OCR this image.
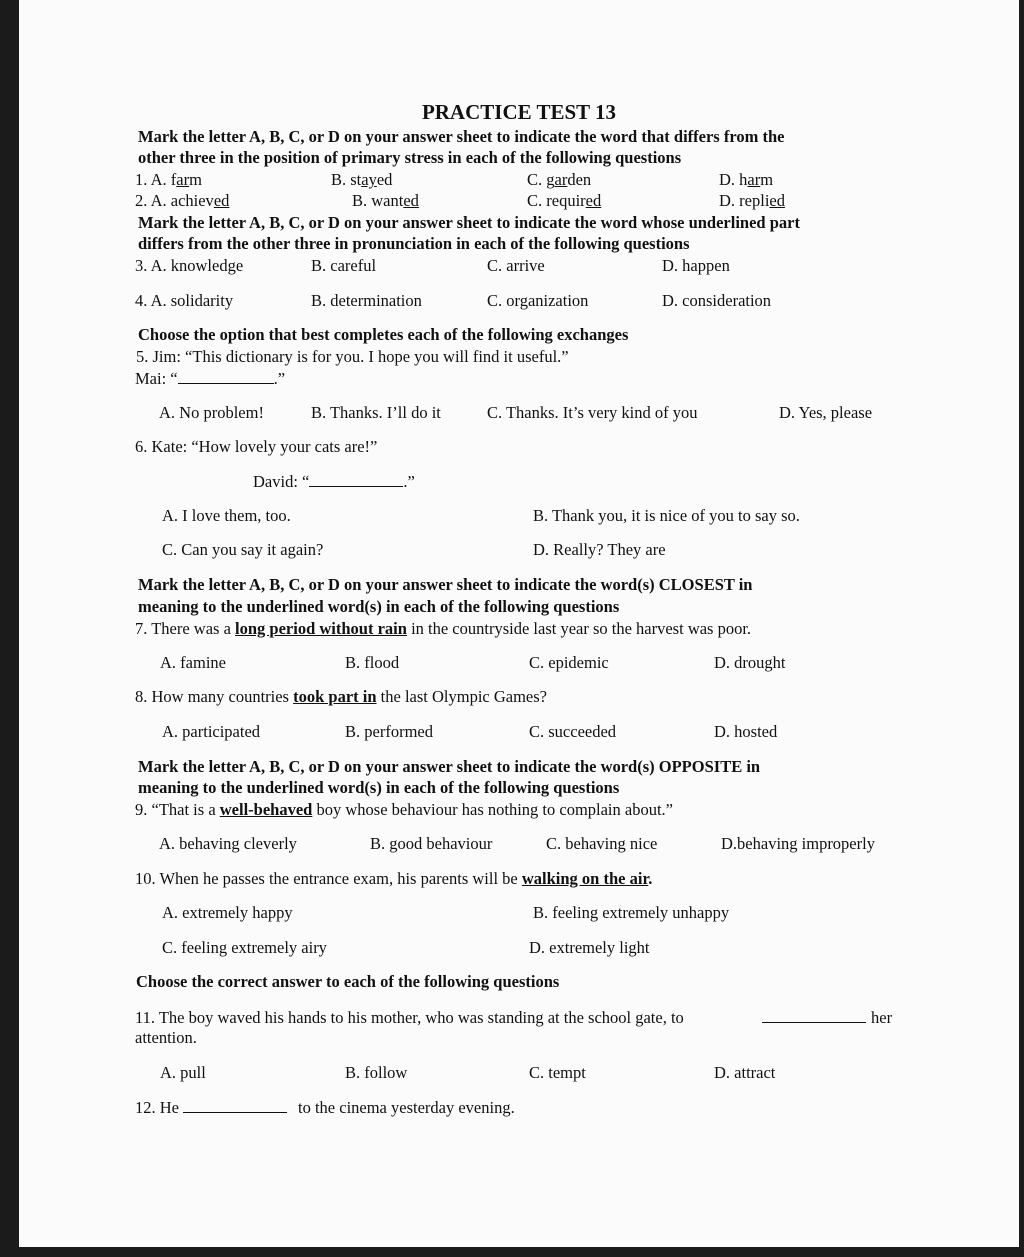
PRACTICE TEST 13
Mark the letter A, B, C, or D on your answer sheet to indicate the word that differs from the
other three in the position of primary stress in each of the following questions
1. A. farm	B. stayed	C. garden	D. harm
2. A. achieved	B. wanted	C. required	D. replied
Mark the letter A, B, C, or D on your answer sheet to indicate the word whose underlined part
differs from the other three in pronunciation in each of the following questions
3. A. knowledge	B. careful	C. arrive	D. happen
4. A. solidarity	B. determination	C. organization	D. consideration
Choose the option that best completes each of the following exchanges
5. Jim: “This dictionary is for you. I hope you will find it useful.”
Mai: “	.”
A. No problem!	B. Thanks. I’ll do it	C. Thanks. It’s very kind of you	D. Yes, please
6. Kate: “How lovely your cats are!”
David: “	.”
A. I love them, too.	B. Thank you, it is nice of you to say so.
C. Can you say it again?	D. Really? They are
Mark the letter A, B, C, or D on your answer sheet to indicate the word(s) CLOSEST in
meaning to the underlined word(s) in each of the following questions
7. There was a long period without rain in the countryside last year so the harvest was poor.
A. famine	B. flood	C. epidemic	D. drought
8. How many countries took part in the last Olympic Games?
A. participated	B. performed	C. succeeded	D. hosted
Mark the letter A, B, C, or D on your answer sheet to indicate the word(s) OPPOSITE in
meaning to the underlined word(s) in each of the following questions
9. “That is a well-behaved boy whose behaviour has nothing to complain about.”
A. behaving cleverly	B. good behaviour	C. behaving nice	D.behaving improperly
10. When he passes the entrance exam, his parents will be walking on the air.
A. extremely happy	B. feeling extremely unhappy
C. feeling extremely airy	D. extremely light
Choose the correct answer to each of the following questions
11. The boy waved his hands to his mother, who was standing at the school gate, to	her
attention.
A. pull	B. follow	C. tempt	D. attract
12. He	to the cinema yesterday evening.
